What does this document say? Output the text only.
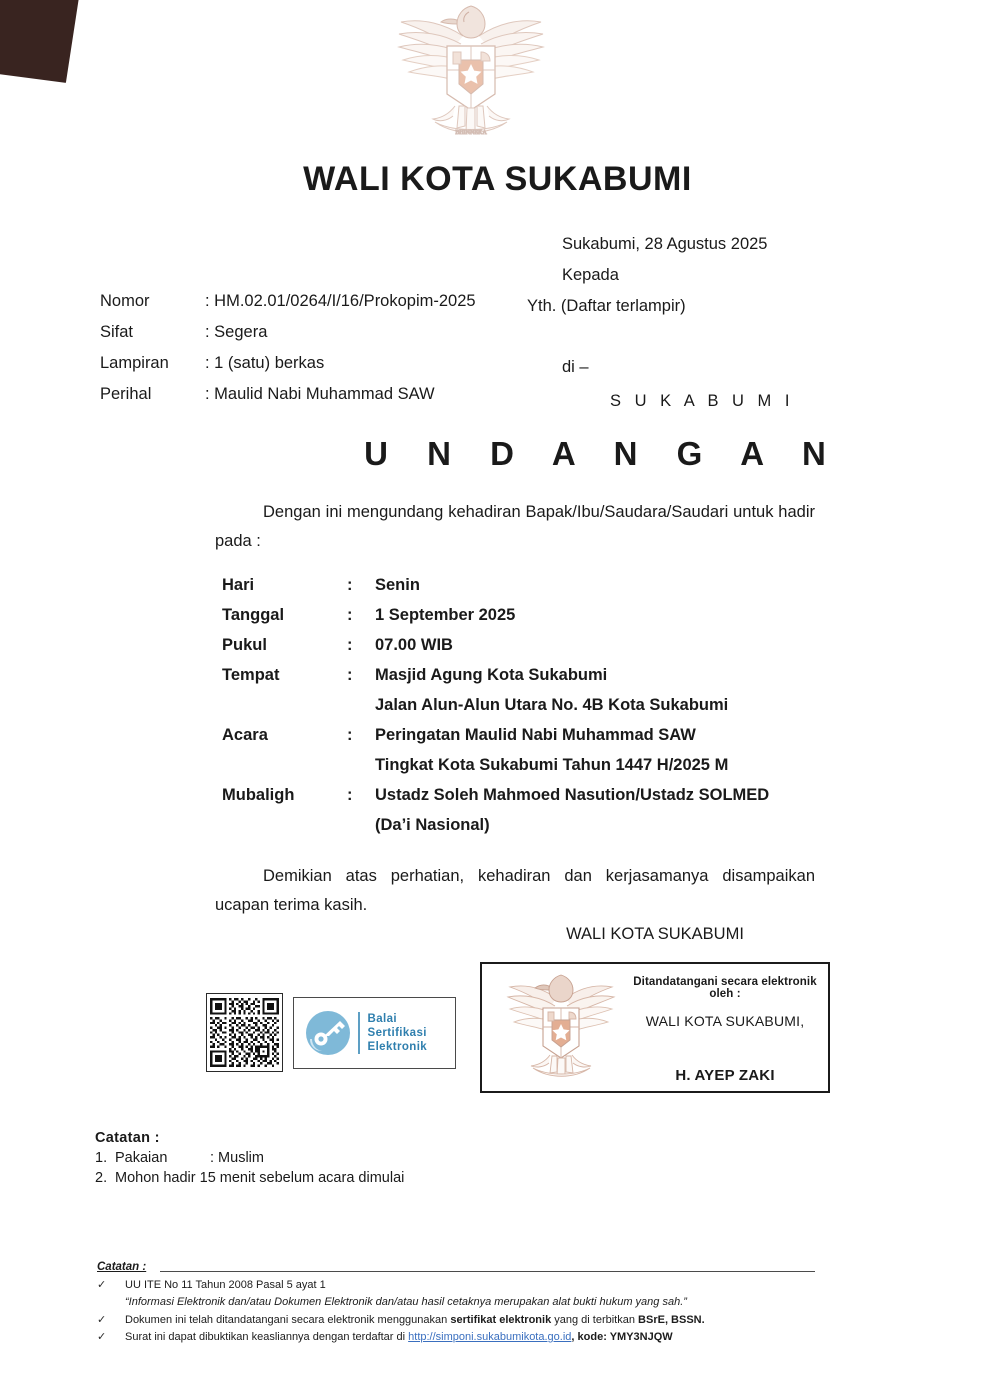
BHINNEKA
WALI KOTA SUKABUMI
Sukabumi, 28 Agustus 2025
Kepada
Yth. (Daftar terlampir)
di –
S U K A B U M I
Nomor	: HM.02.01/0264/I/16/Prokopim-2025
Sifat	: Segera
Lampiran	: 1 (satu) berkas
Perihal	: Maulid Nabi Muhammad SAW
U N D A N G A N
Dengan ini mengundang kehadiran Bapak/Ibu/Saudara/Saudari untuk hadir pada :
Hari	:	Senin
Tanggal	:	1 September 2025
Pukul	:	07.00 WIB
Tempat	:	Masjid Agung Kota Sukabumi
Jalan Alun-Alun Utara No. 4B Kota Sukabumi
Acara	:	Peringatan Maulid Nabi Muhammad SAW
Tingkat Kota Sukabumi Tahun 1447 H/2025 M
Mubaligh	:	Ustadz Soleh Mahmoed Nasution/Ustadz SOLMED
(Da’i Nasional)
Demikian atas perhatian, kehadiran dan kerjasamanya disampaikan ucapan terima kasih.
WALI KOTA SUKABUMI
Ditandatangani secara elektronik oleh :
WALI KOTA SUKABUMI,
H. AYEP ZAKI
Balai
Sertifikasi
Elektronik
Catatan :
1. Pakaian	: Muslim
2. Mohon hadir 15 menit sebelum acara dimulai
Catatan :
✓	UU ITE No 11 Tahun 2008 Pasal 5 ayat 1
“Informasi Elektronik dan/atau Dokumen Elektronik dan/atau hasil cetaknya merupakan alat bukti hukum yang sah.”
✓	Dokumen ini telah ditandatangani secara elektronik menggunakan sertifikat elektronik yang di terbitkan BSrE, BSSN.
✓	Surat ini dapat dibuktikan keasliannya dengan terdaftar di http://simponi.sukabumikota.go.id, kode: YMY3NJQW
